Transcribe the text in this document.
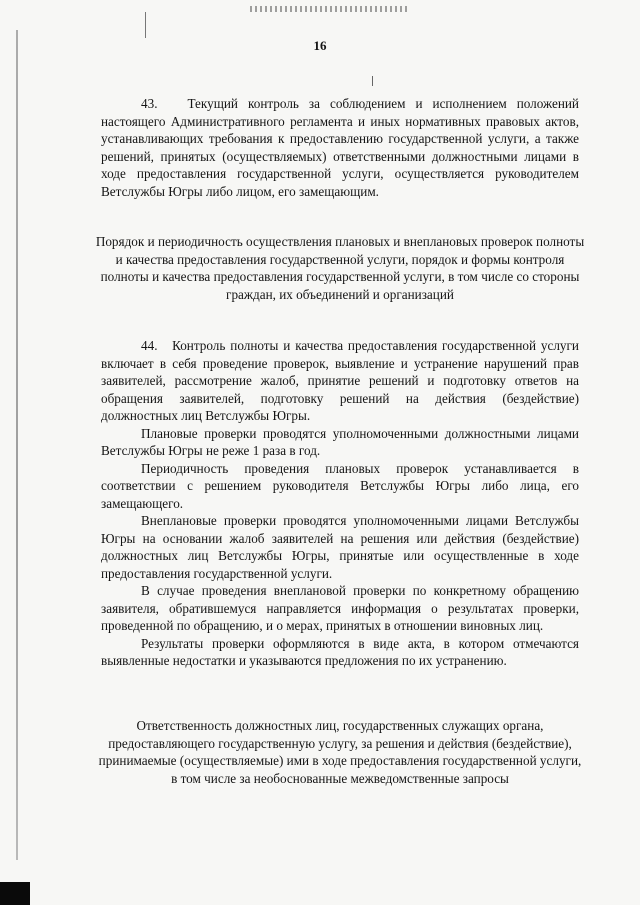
16

43.   Текущий контроль за соблюдением и исполнением положений настоящего Административного регламента и иных нормативных правовых актов, устанавливающих требования к предоставлению государственной услуги, а также решений, принятых (осуществляемых) ответственными должностными лицами в ходе предоставления государственной услуги, осуществляется руководителем Ветслужбы Югры либо лицом, его замещающим.

Порядок и периодичность осуществления плановых и внеплановых проверок полноты и качества предоставления государственной услуги, порядок и формы контроля полноты и качества предоставления государственной услуги, в том числе со стороны граждан, их объединений и организаций

44.   Контроль полноты и качества предоставления государственной услуги включает в себя проведение проверок, выявление и устранение нарушений прав заявителей, рассмотрение жалоб, принятие решений и подготовку ответов на обращения заявителей, подготовку решений на действия (бездействие) должностных лиц Ветслужбы Югры.

Плановые проверки проводятся уполномоченными должностными лицами Ветслужбы Югры не реже 1 раза в год.

Периодичность проведения плановых проверок устанавливается в соответствии с решением руководителя Ветслужбы Югры либо лица, его замещающего.

Внеплановые проверки проводятся уполномоченными лицами Ветслужбы Югры на основании жалоб заявителей на решения или действия (бездействие) должностных лиц Ветслужбы Югры, принятые или осуществленные в ходе предоставления государственной услуги.

В случае проведения внеплановой проверки по конкретному обращению заявителя, обратившемуся направляется информация о результатах проверки, проведенной по обращению, и о мерах, принятых в отношении виновных лиц.

Результаты проверки оформляются в виде акта, в котором отмечаются выявленные недостатки и указываются предложения по их устранению.

Ответственность должностных лиц, государственных служащих органа, предоставляющего государственную услугу, за решения и действия (бездействие), принимаемые (осуществляемые) ими в ходе предоставления государственной услуги, в том числе за необоснованные межведомственные запросы
